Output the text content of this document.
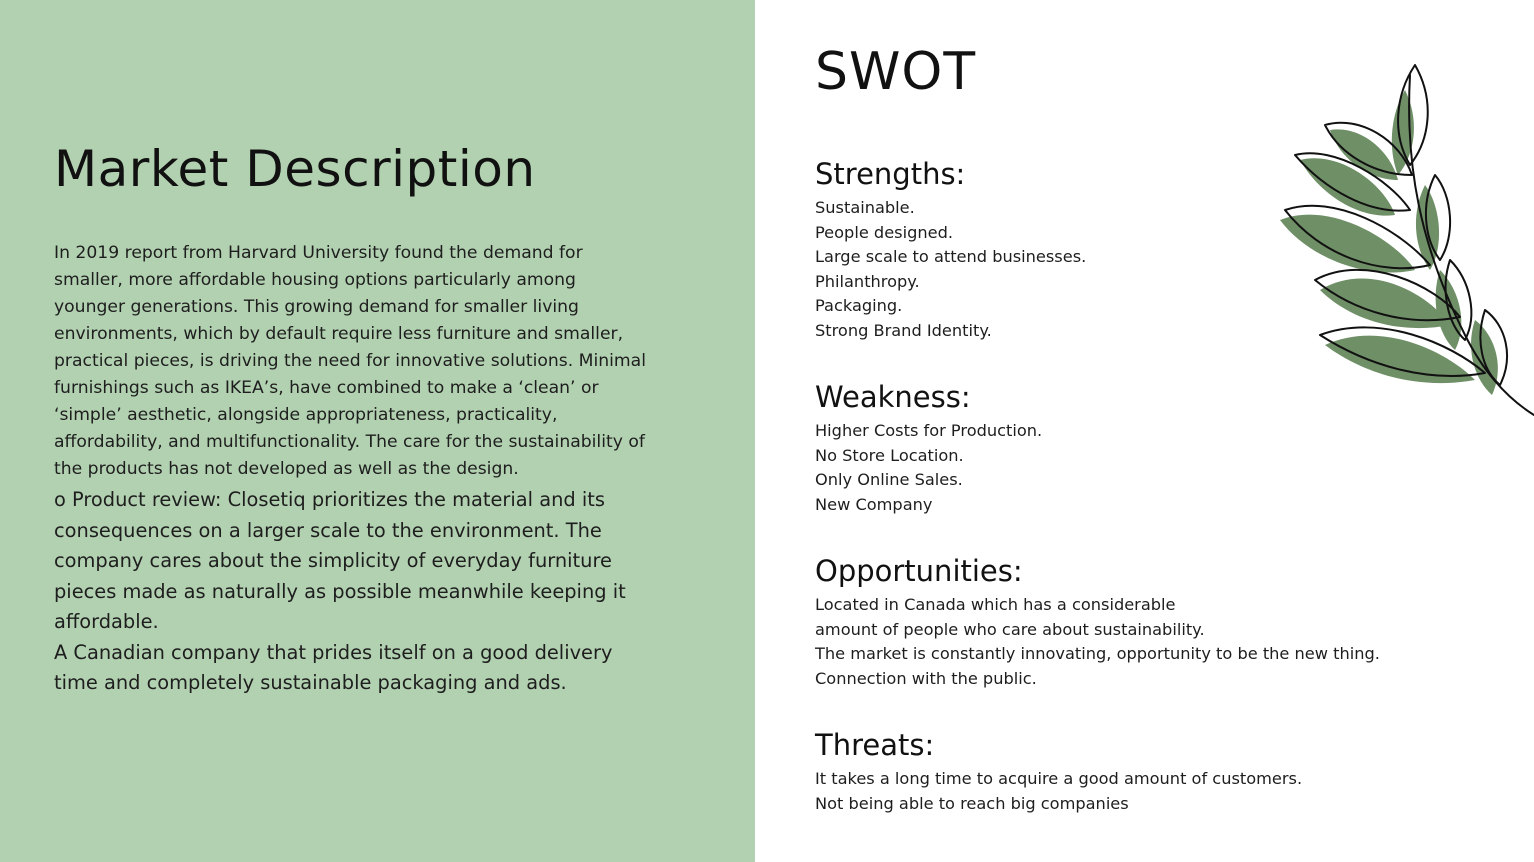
Market Description

In 2019 report from Harvard University found the demand for

smaller, more affordable housing options particularly among

younger generations. This growing demand for smaller living

environments, which by default require less furniture and smaller,

practical pieces, is driving the need for innovative solutions. Minimal

furnishings such as IKEA’s, have combined to make a ‘clean’ or

‘simple’ aesthetic, alongside appropriateness, practicality,

affordability, and multifunctionality. The care for the sustainability of

the products has not developed as well as the design.

o Product review: Closetiq prioritizes the material and its

consequences on a larger scale to the environment. The

company cares about the simplicity of everyday furniture

pieces made as naturally as possible meanwhile keeping it

affordable.

A Canadian company that prides itself on a good delivery

time and completely sustainable packaging and ads.

SWOT
Strengths:
Sustainable.
People designed.
Large scale to attend businesses.
Philanthropy.
Packaging.
Strong Brand Identity.
Weakness:
Higher Costs for Production.
No Store Location.
Only Online Sales.
New Company
Opportunities:
Located in Canada which has a considerable
amount of people who care about sustainability.
The market is constantly innovating, opportunity to be the new thing.
Connection with the public.
Threats:
It takes a long time to acquire a good amount of customers.
Not being able to reach big companies
